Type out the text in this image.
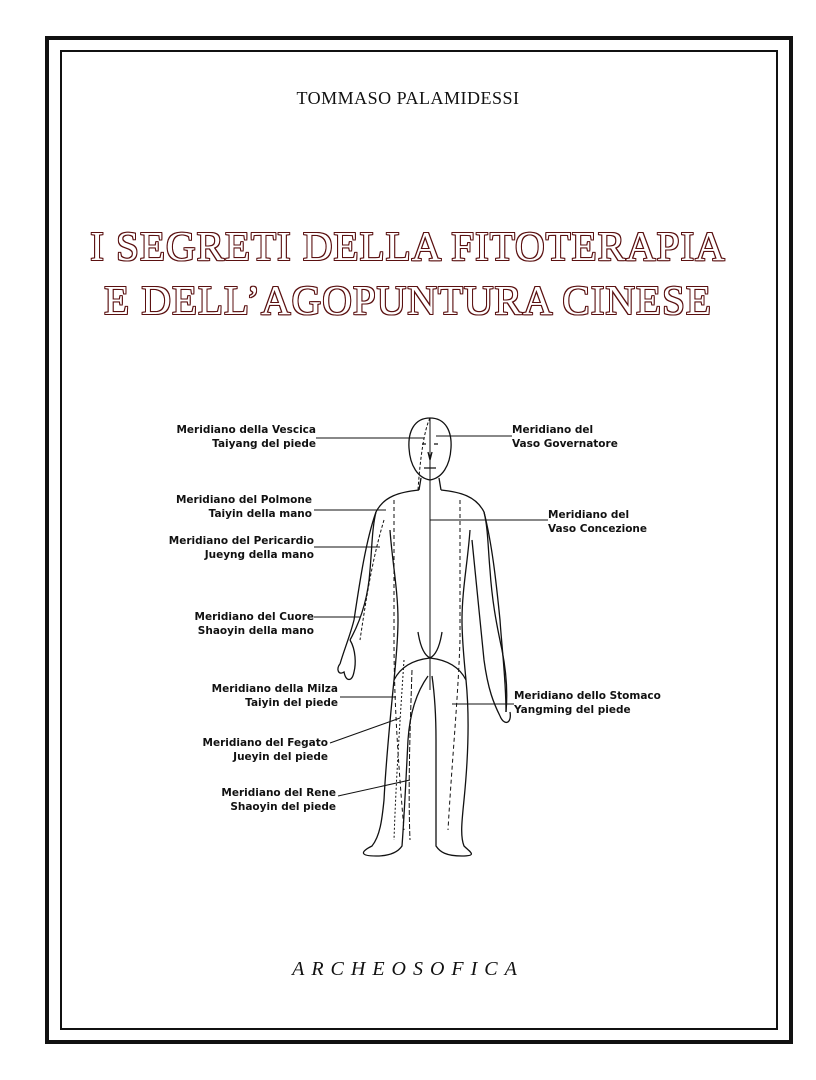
TOMMASO PALAMIDESSI
I SEGRETI DELLA FITOTERAPIA
E DELL’AGOPUNTURA CINESE
Meridiano della Vescica
Taiyang del piede
Meridiano del Polmone
Taiyin della mano
Meridiano del Pericardio
Jueyng della mano
Meridiano del Cuore
Shaoyin della mano
Meridiano della Milza
Taiyin del piede
Meridiano del Fegato
Jueyin del piede
Meridiano del Rene
Shaoyin del piede
Meridiano del
Vaso Governatore
Meridiano del
Vaso Concezione
Meridiano dello Stomaco
Yangming del piede
ARCHEOSOFICA
